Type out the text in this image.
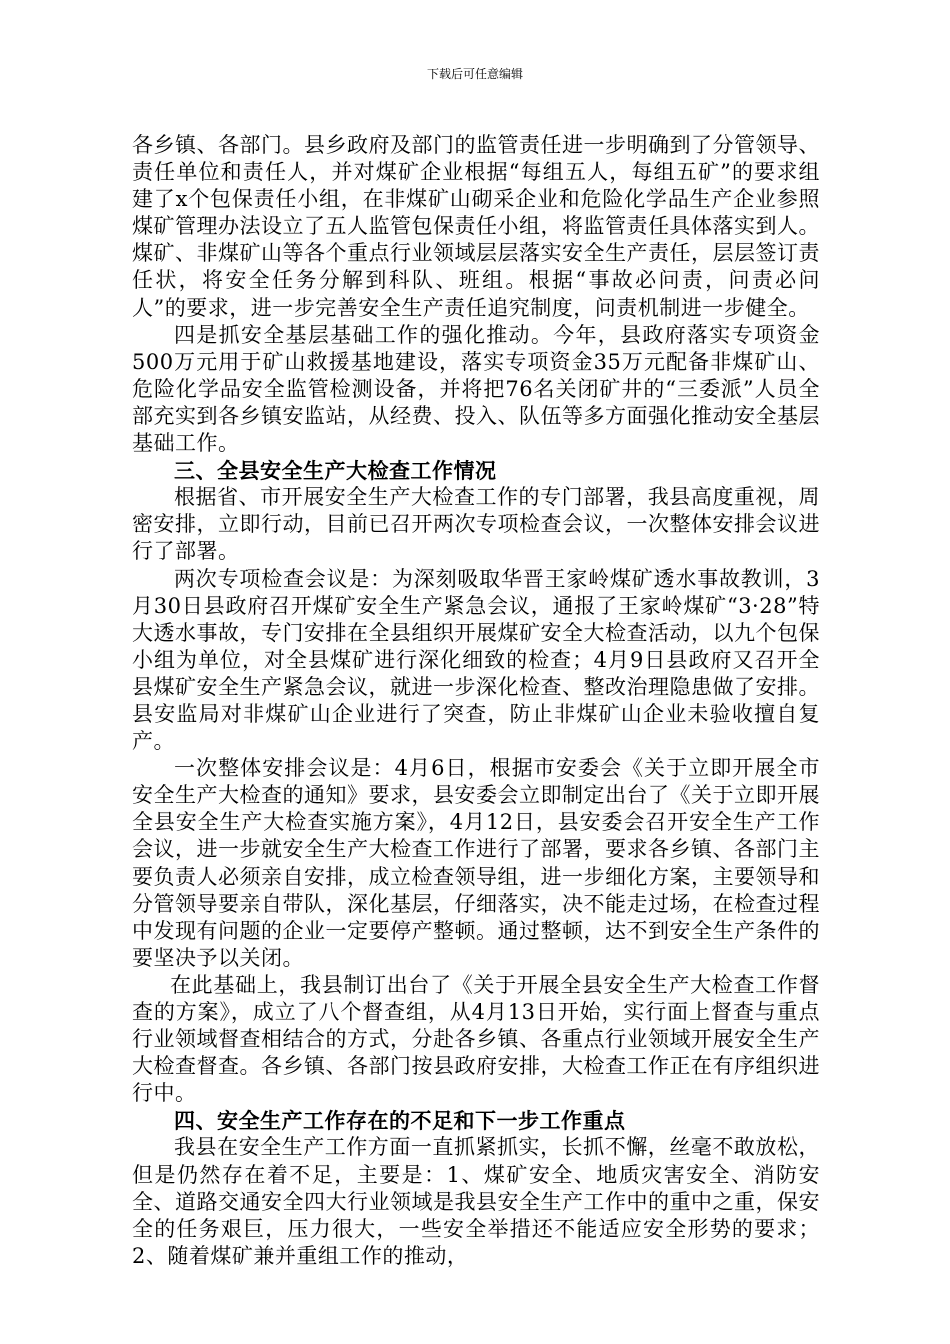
下载后可任意编辑

各乡镇、各部门。县乡政府及部门的监管责任进一步明确到了分管领导、责任单位和责任人，并对煤矿企业根据“每组五人，每组五矿”的要求组建了x个包保责任小组，在非煤矿山砌采企业和危险化学品生产企业参照煤矿管理办法设立了五人监管包保责任小组，将监管责任具体落实到人。煤矿、非煤矿山等各个重点行业领域层层落实安全生产责任，层层签订责任状，将安全任务分解到科队、班组。根据“事故必问责，问责必问人”的要求，进一步完善安全生产责任追究制度，问责机制进一步健全。

四是抓安全基层基础工作的强化推动。今年，县政府落实专项资金500万元用于矿山救援基地建设，落实专项资金35万元配备非煤矿山、危险化学品安全监管检测设备，并将把76名关闭矿井的“三委派”人员全部充实到各乡镇安监站，从经费、投入、队伍等多方面强化推动安全基层基础工作。

三、全县安全生产大检查工作情况

根据省、市开展安全生产大检查工作的专门部署，我县高度重视，周密安排，立即行动，目前已召开两次专项检查会议，一次整体安排会议进行了部署。

两次专项检查会议是：为深刻吸取华晋王家岭煤矿透水事故教训，3月30日县政府召开煤矿安全生产紧急会议，通报了王家岭煤矿“3·28”特大透水事故，专门安排在全县组织开展煤矿安全大检查活动，以九个包保小组为单位，对全县煤矿进行深化细致的检查；4月9日县政府又召开全县煤矿安全生产紧急会议，就进一步深化检查、整改治理隐患做了安排。县安监局对非煤矿山企业进行了突查，防止非煤矿山企业未验收擅自复产。

一次整体安排会议是：4月6日，根据市安委会《关于立即开展全市安全生产大检查的通知》要求，县安委会立即制定出台了《关于立即开展全县安全生产大检查实施方案》，4月12日，县安委会召开安全生产工作会议，进一步就安全生产大检查工作进行了部署，要求各乡镇、各部门主要负责人必须亲自安排，成立检查领导组，进一步细化方案，主要领导和分管领导要亲自带队，深化基层，仔细落实，决不能走过场，在检查过程中发现有问题的企业一定要停产整顿。通过整顿，达不到安全生产条件的要坚决予以关闭。

在此基础上，我县制订出台了《关于开展全县安全生产大检查工作督查的方案》，成立了八个督查组，从4月13日开始，实行面上督查与重点行业领域督查相结合的方式，分赴各乡镇、各重点行业领域开展安全生产大检查督查。各乡镇、各部门按县政府安排，大检查工作正在有序组织进行中。

四、安全生产工作存在的不足和下一步工作重点

我县在安全生产工作方面一直抓紧抓实，长抓不懈，丝毫不敢放松，但是仍然存在着不足，主要是：1、煤矿安全、地质灾害安全、消防安全、道路交通安全四大行业领域是我县安全生产工作中的重中之重，保安全的任务艰巨，压力很大，一些安全举措还不能适应安全形势的要求；2、随着煤矿兼并重组工作的推动，
